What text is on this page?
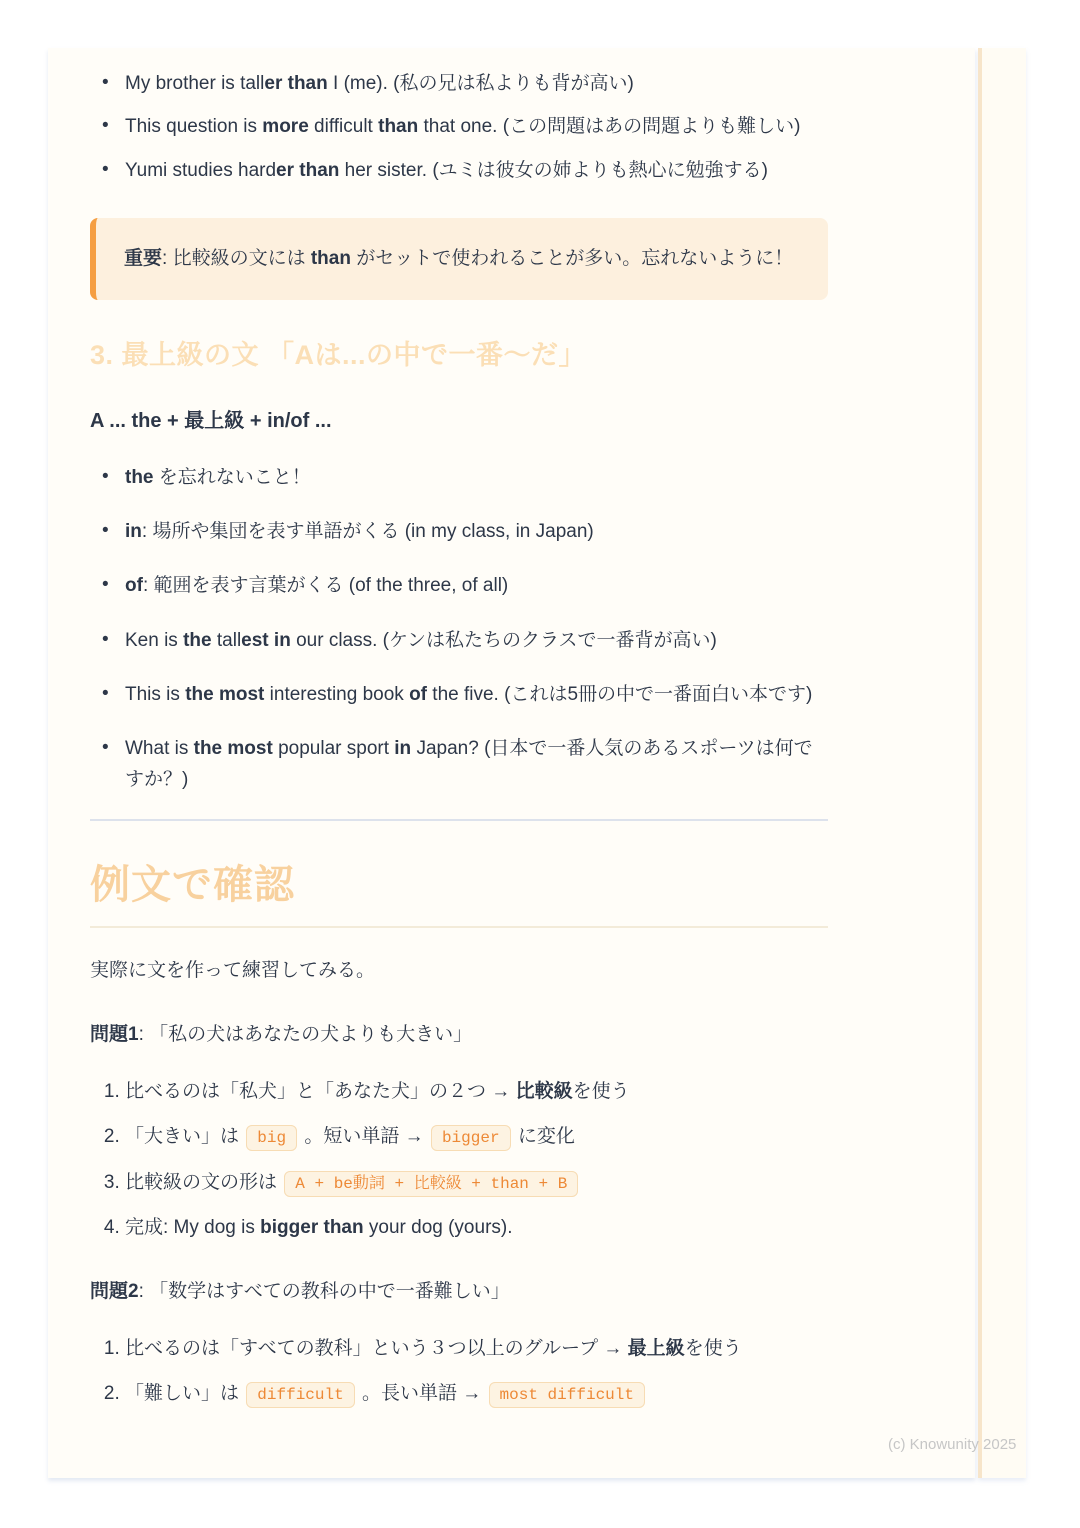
• My brother is taller than I (me). (私の兄は私よりも背が高い)
• This question is more difficult than that one. (この問題はあの問題よりも難しい)
• Yumi studies harder than her sister. (ユミは彼女の姉よりも熱心に勉強する)

重要: 比較級の文には than がセットで使われることが多い。忘れないように！

3. 最上級の文 「Aは...の中で一番～だ」

A ... the + 最上級 + in/of ...

• the を忘れないこと！
• in: 場所や集団を表す単語がくる (in my class, in Japan)
• of: 範囲を表す言葉がくる (of the three, of all)
• Ken is the tallest in our class. (ケンは私たちのクラスで一番背が高い)
• This is the most interesting book of the five. (これは5冊の中で一番面白い本です)
• What is the most popular sport in Japan? (日本で一番人気のあるスポーツは何ですか？)
例文で確認

実際に文を作って練習してみる。

問題1: 「私の犬はあなたの犬よりも大きい」

1. 比べるのは「私犬」と「あなた犬」の２つ → 比較級を使う
2. 「大きい」は big 。短い単語 → bigger に変化
3. 比較級の文の形は A + be動詞 + 比較級 + than + B
4. 完成: My dog is bigger than your dog (yours).

問題2: 「数学はすべての教科の中で一番難しい」

1. 比べるのは「すべての教科」という３つ以上のグループ → 最上級を使う
2. 「難しい」は difficult 。長い単語 → most difficult
(c) Knowunity 2025
